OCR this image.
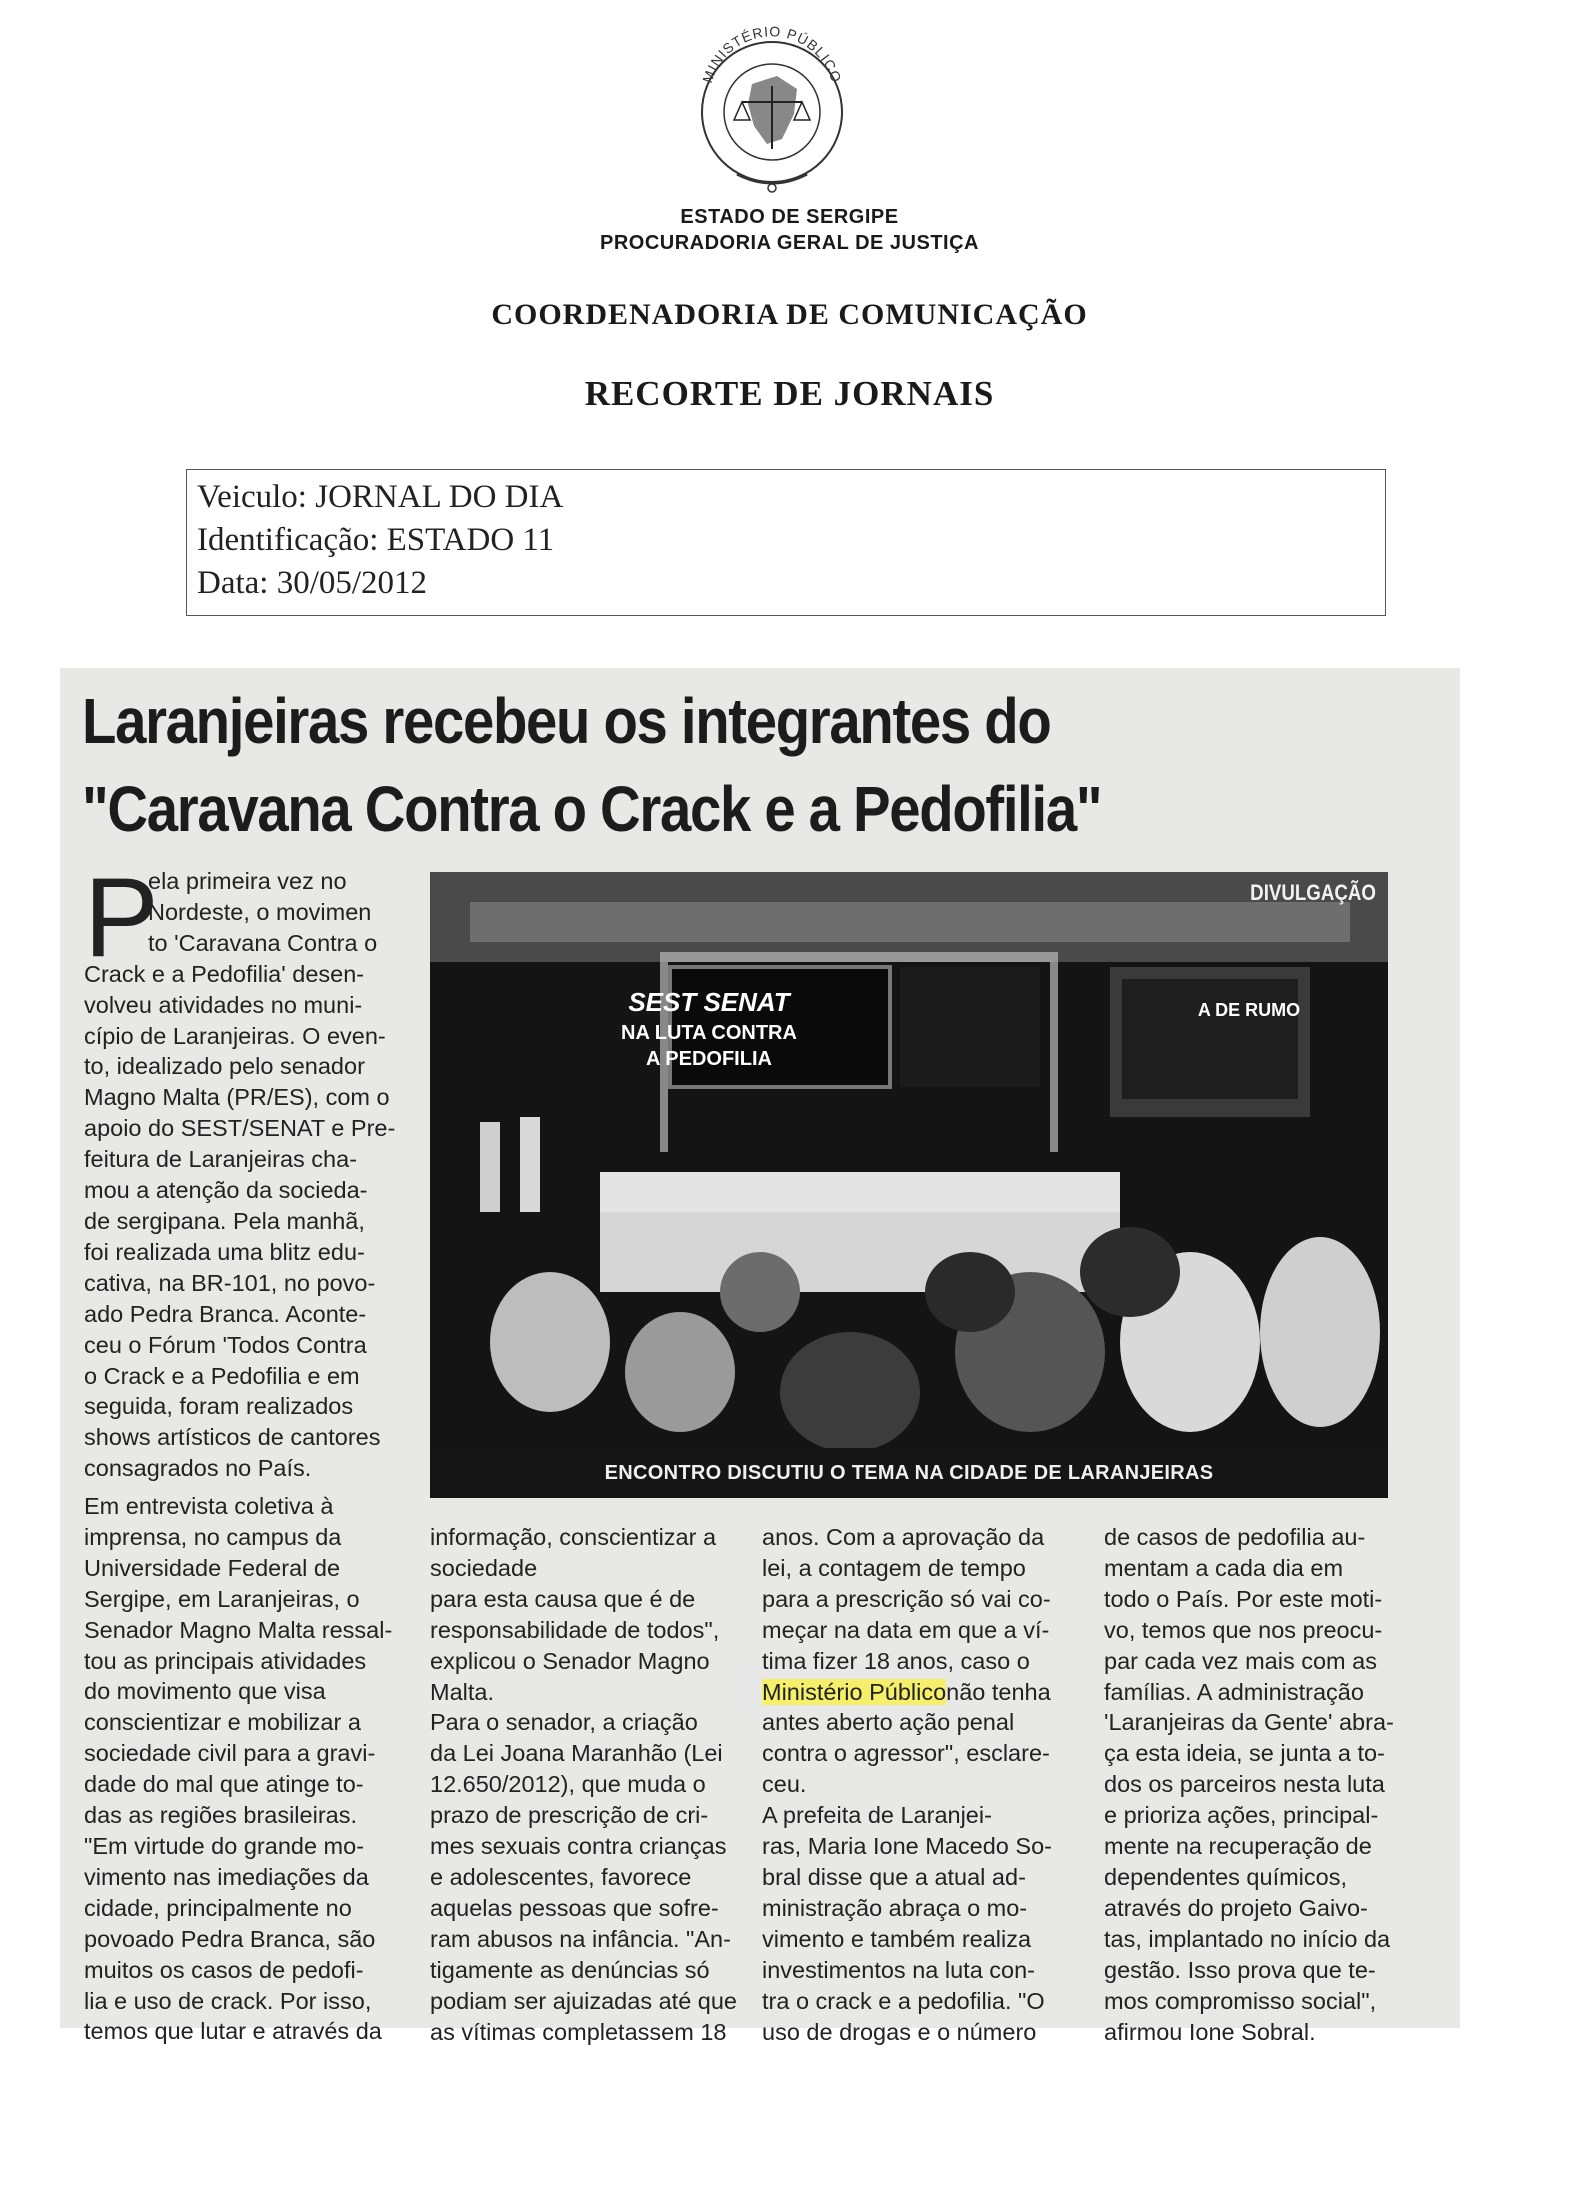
MINISTÉRIO PÚBLICO
ESTADO DE SERGIPE
PROCURADORIA GERAL DE JUSTIÇA
COORDENADORIA DE COMUNICAÇÃO
RECORTE DE JORNAIS
Veiculo: JORNAL DO DIA
Identificação: ESTADO 11
Data: 30/05/2012
Laranjeiras recebeu os integrantes do
"Caravana Contra o Crack e a Pedofilia"
P

ela primeira vez no

Nordeste, o movimen

to 'Caravana Contra o

Crack e a Pedofilia' desen-

volveu atividades no muni-

cípio de Laranjeiras. O even-

to, idealizado pelo senador

Magno Malta (PR/ES), com o

apoio do SEST/SENAT e Pre-

feitura de Laranjeiras cha-

mou a atenção da socieda-

de sergipana. Pela manhã,

foi realizada uma blitz edu-

cativa, na BR-101, no povo-

ado Pedra Branca. Aconte-

ceu o Fórum 'Todos Contra

o Crack e a Pedofilia e em

seguida, foram realizados

shows artísticos de cantores

consagrados no País.

DIVULGAÇÃO
SEST SENAT
NA LUTA CONTRA
A PEDOFILIA
A DE RUMO
ENCONTRO DISCUTIU O TEMA NA CIDADE DE LARANJEIRAS

Em entrevista coletiva à

imprensa, no campus da

Universidade Federal de

Sergipe, em Laranjeiras, o

Senador Magno Malta ressal-

tou as principais atividades

do movimento que visa

conscientizar e mobilizar a

sociedade civil para a gravi-

dade do mal que atinge to-

das as regiões brasileiras.

"Em virtude do grande mo-

vimento nas imediações da

cidade, principalmente no

povoado Pedra Branca, são

muitos os casos de pedofi-

lia e uso de crack. Por isso,

temos que lutar e através da

informação, conscientizar a

sociedade

para esta causa que é de

responsabilidade de todos",

explicou o Senador Magno

Malta.

Para o senador, a criação

da Lei Joana Maranhão (Lei

12.650/2012), que muda o

prazo de prescrição de cri-

mes sexuais contra crianças

e adolescentes, favorece

aquelas pessoas que sofre-

ram abusos na infância. "An-

tigamente as denúncias só

podiam ser ajuizadas até que

as vítimas completassem 18

anos. Com a aprovação da

lei, a contagem de tempo

para a prescrição só vai co-

meçar na data em que a ví-

tima fizer 18 anos, caso o

Ministério Públiconão tenha

antes aberto ação penal

contra o agressor", esclare-

ceu.

A prefeita de Laranjei-

ras, Maria Ione Macedo So-

bral disse que a atual ad-

ministração abraça o mo-

vimento e também realiza

investimentos na luta con-

tra o crack e a pedofilia. "O

uso de drogas e o número

de casos de pedofilia au-

mentam a cada dia em

todo o País. Por este moti-

vo, temos que nos preocu-

par cada vez mais com as

famílias. A administração

'Laranjeiras da Gente' abra-

ça esta ideia, se junta a to-

dos os parceiros nesta luta

e prioriza ações, principal-

mente na recuperação de

dependentes químicos,

através do projeto Gaivo-

tas, implantado no início da

gestão. Isso prova que te-

mos compromisso social",

afirmou Ione Sobral.
